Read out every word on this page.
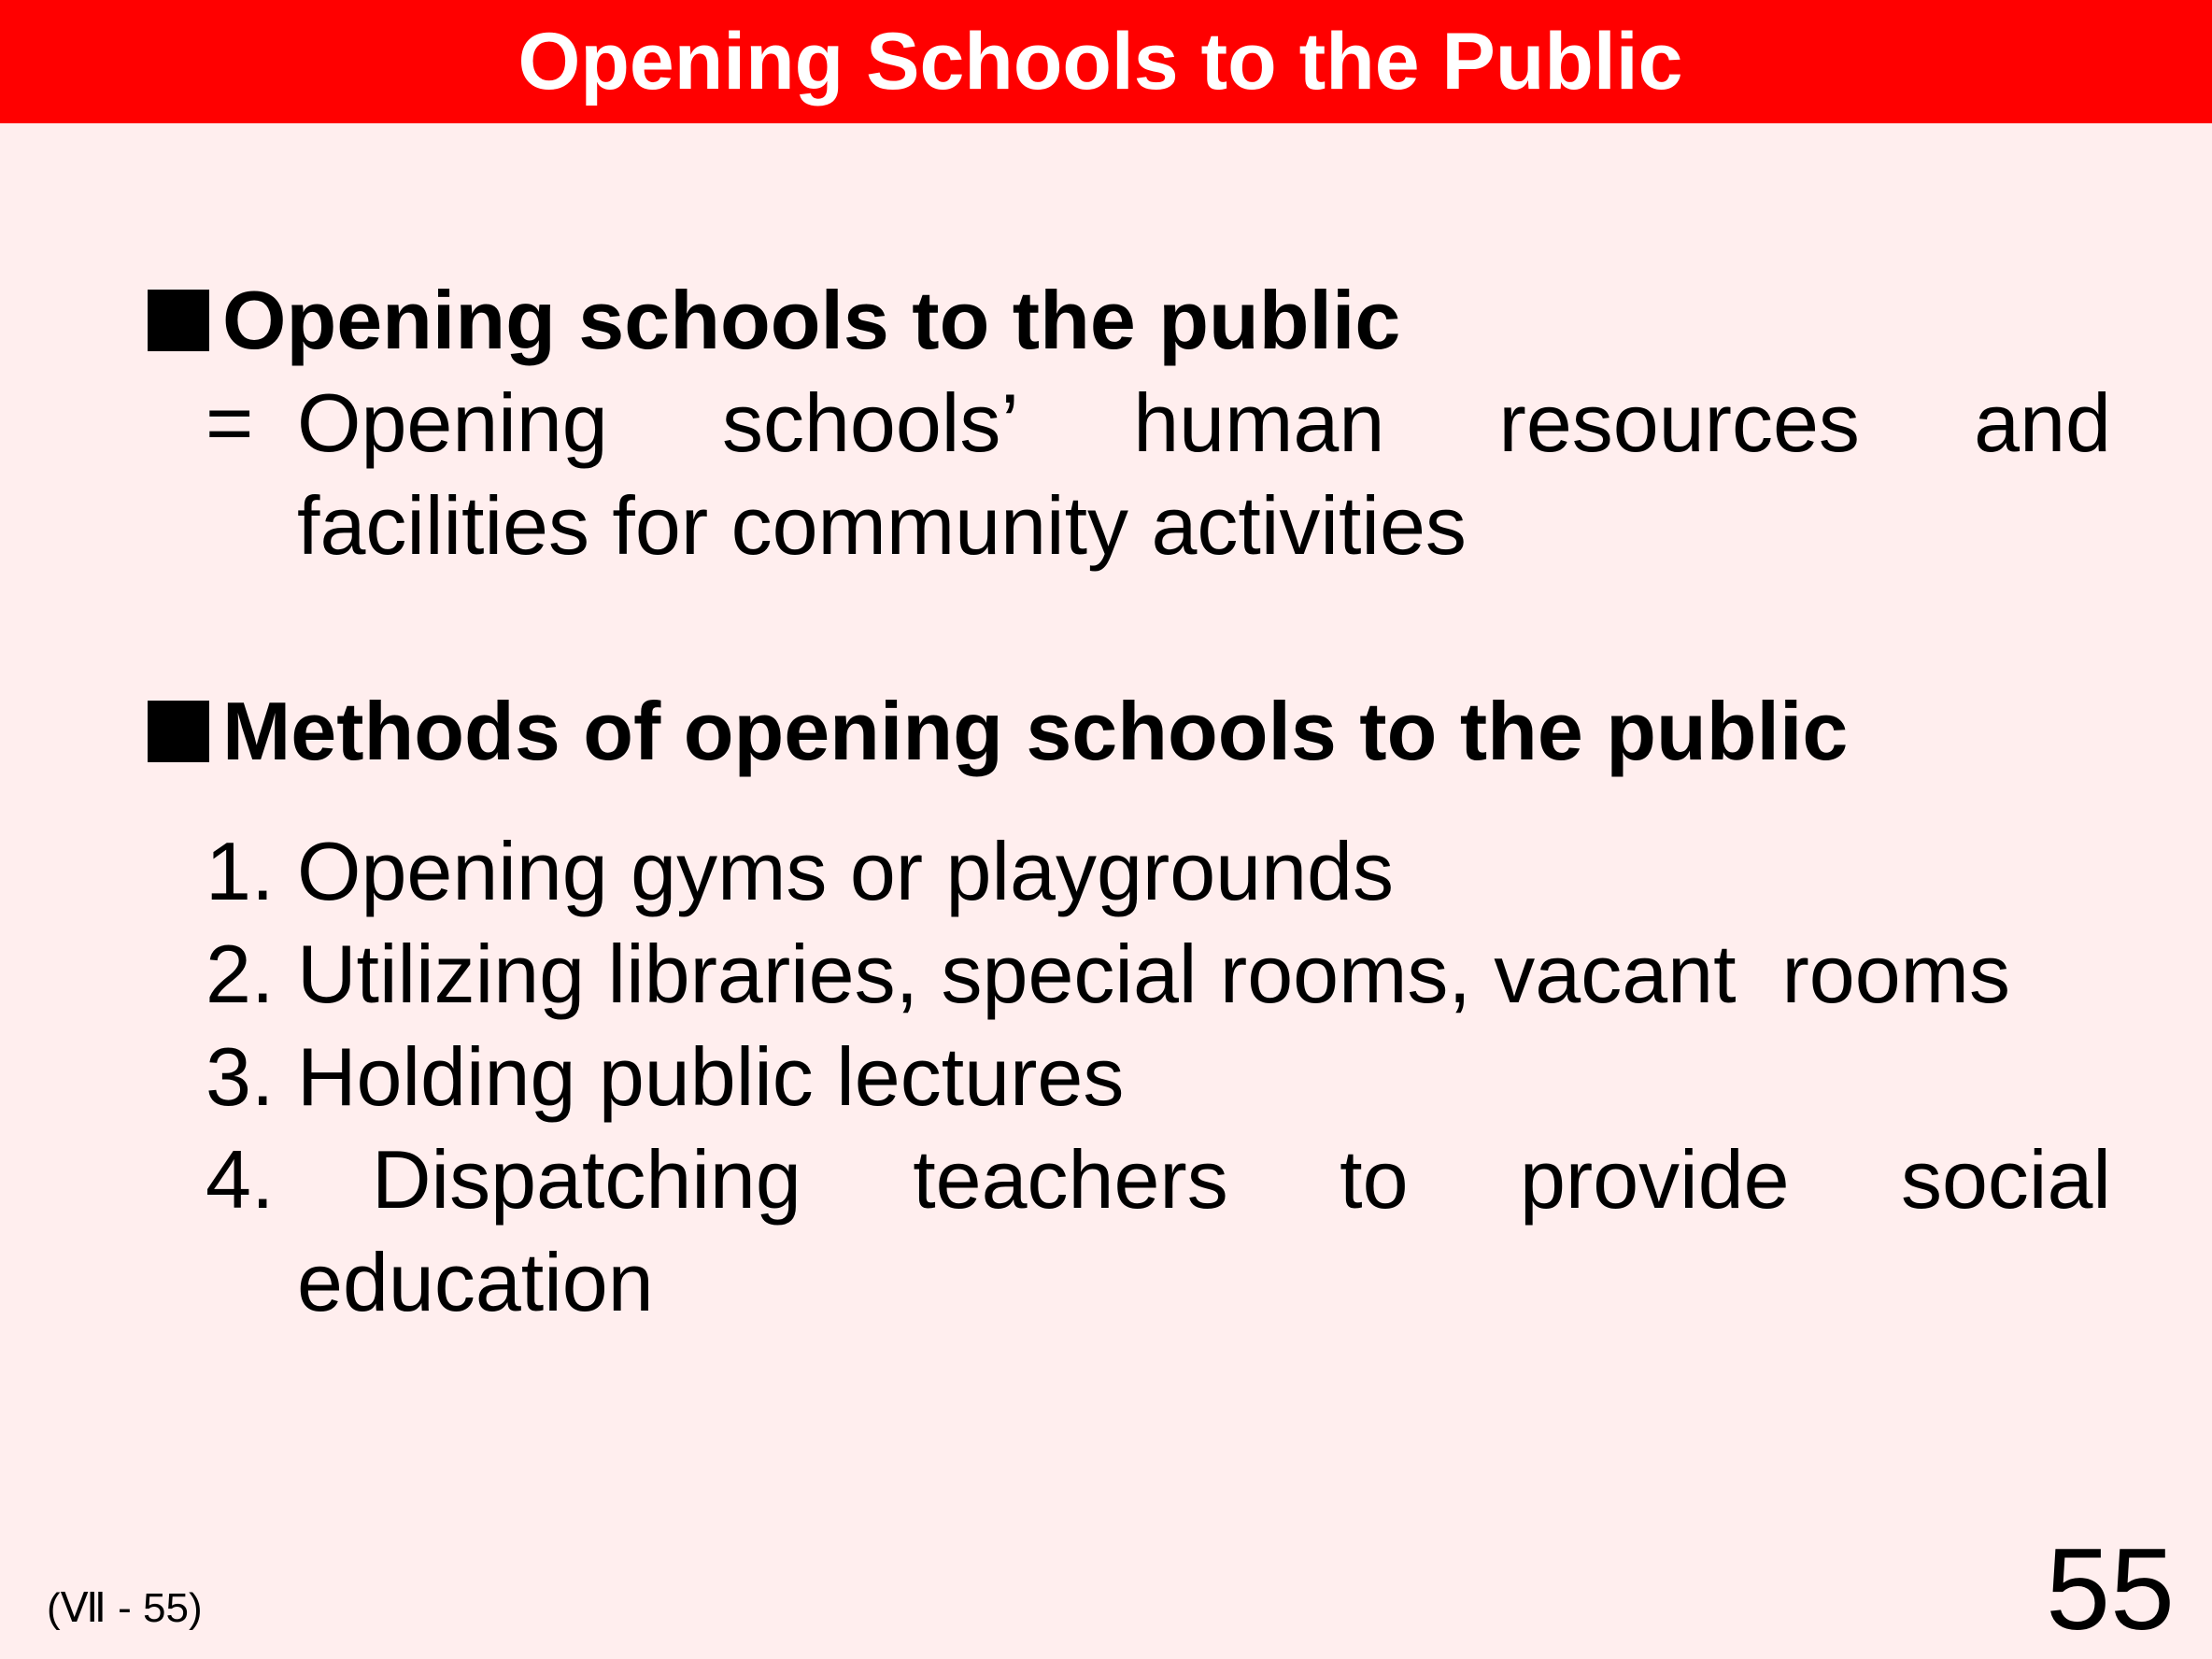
Opening Schools to the Public
Opening schools to the public
= Opening schools’ human resources and
facilities for community activities
Methods of opening schools to the public
1. Opening gyms or playgrounds
2. Utilizing libraries, special rooms, vacant  rooms
3. Holding public lectures
4.	Dispatching teachers to provide social
education
(Ⅶ - 55)	55
